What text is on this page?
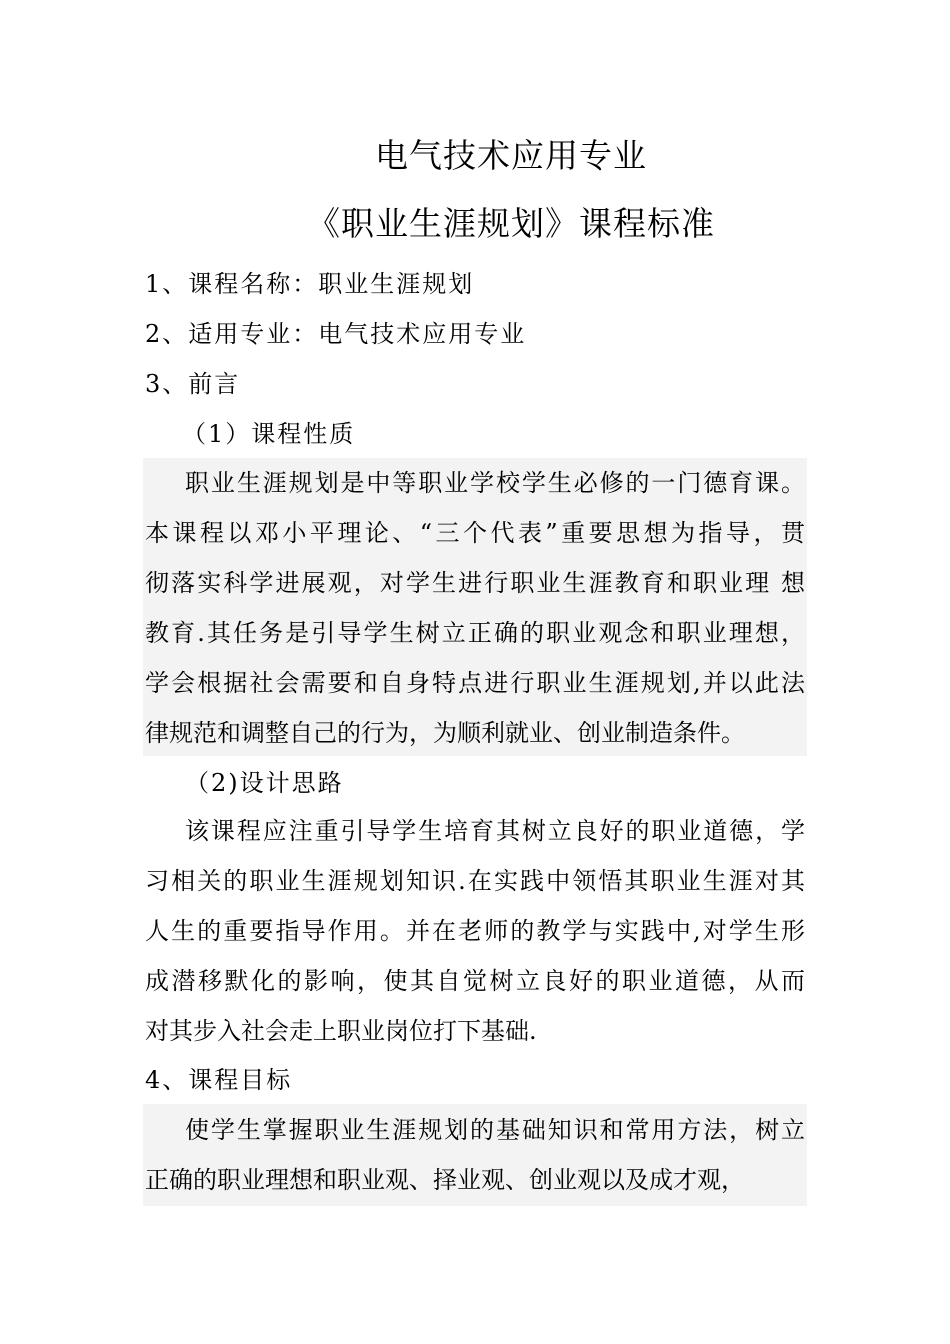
电气技术应用专业
《职业生涯规划》课程标准
1、课程名称：职业生涯规划
2、适用专业：电气技术应用专业
3、前言
（1）课程性质
职业生涯规划是中等职业学校学生必修的一门德育课。
本课程以邓小平理论、“三个代表”重要思想为指导，贯
彻落实科学进展观，对学生进行职业生涯教育和职业理 想
教育.其任务是引导学生树立正确的职业观念和职业理想，
学会根据社会需要和自身特点进行职业生涯规划,并以此法
律规范和调整自己的行为，为顺利就业、创业制造条件。
（2)设计思路
该课程应注重引导学生培育其树立良好的职业道德，学
习相关的职业生涯规划知识.在实践中领悟其职业生涯对其
人生的重要指导作用。并在老师的教学与实践中,对学生形
成潜移默化的影响，使其自觉树立良好的职业道德，从而
对其步入社会走上职业岗位打下基础.
4、课程目标
使学生掌握职业生涯规划的基础知识和常用方法，树立
正确的职业理想和职业观、择业观、创业观以及成才观，
